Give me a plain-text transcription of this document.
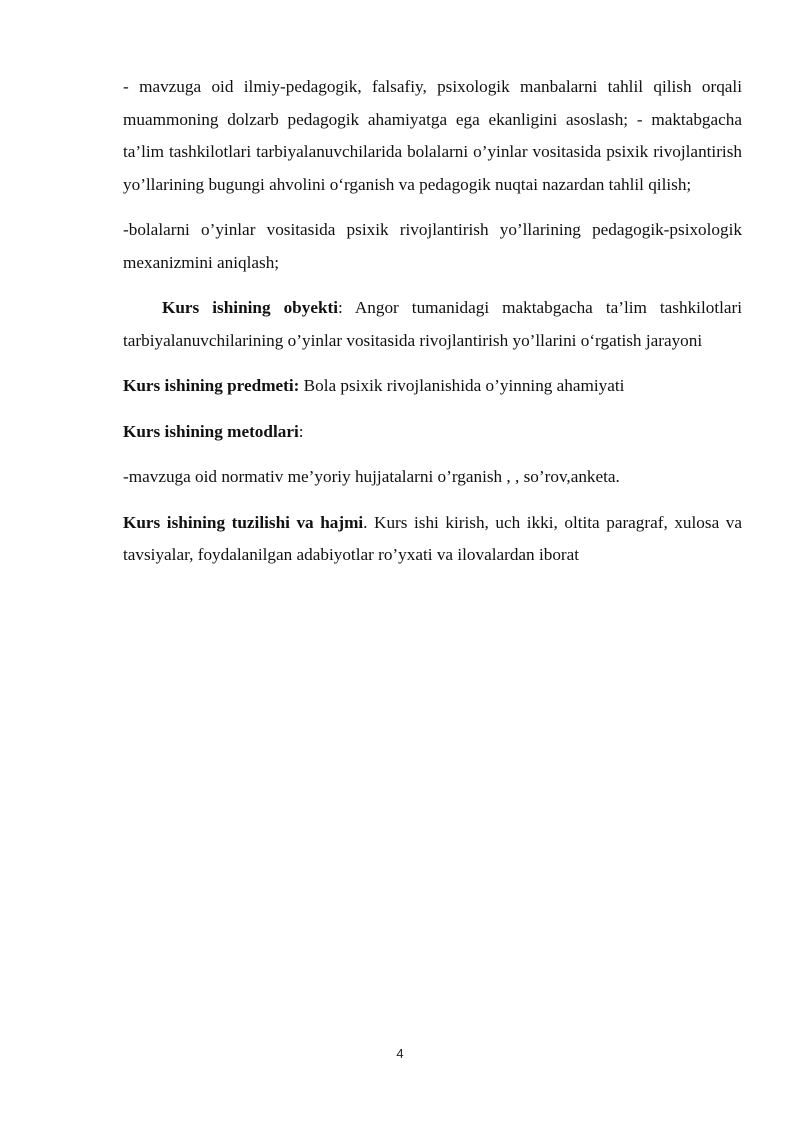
- mavzuga oid ilmiy-pedagogik, falsafiy, psixologik manbalarni tahlil qilish orqali muammoning dolzarb pedagogik ahamiyatga ega ekanligini asoslash; - maktabgacha ta’lim tashkilotlari tarbiyalanuvchilarida bolalarni o’yinlar vositasida psixik rivojlantirish yo’llarining bugungi ahvolini o‘rganish va pedagogik nuqtai nazardan tahlil qilish;

-bolalarni o’yinlar vositasida psixik rivojlantirish yo’llarining pedagogik-psixologik mexanizmini aniqlash;

Kurs ishining obyekti: Angor tumanidagi maktabgacha ta’lim tashkilotlari tarbiyalanuvchilarining o’yinlar vositasida rivojlantirish yo’llarini o‘rgatish jarayoni

Kurs ishining predmeti: Bola psixik rivojlanishida o’yinning ahamiyati

Kurs ishining metodlari:

-mavzuga oid normativ me’yoriy hujjatalarni o’rganish , , so’rov,anketa.

Kurs ishining tuzilishi va hajmi. Kurs ishi kirish, uch ikki, oltita paragraf, xulosa va tavsiyalar, foydalanilgan adabiyotlar ro’yxati va ilovalardan iborat

4
